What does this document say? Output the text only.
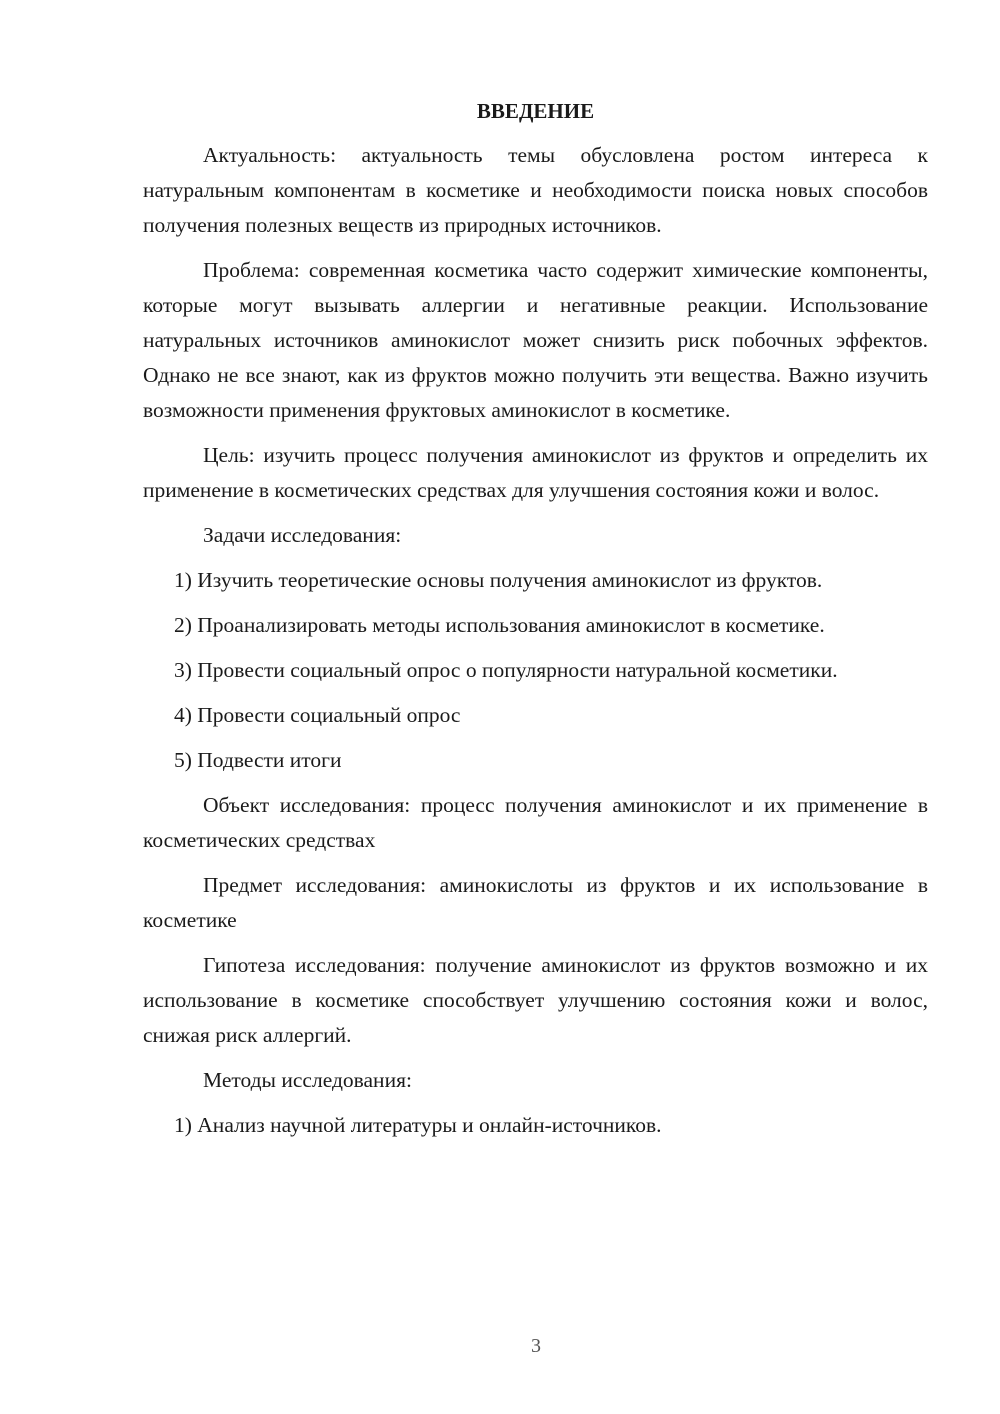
ВВЕДЕНИЕ

Актуальность: актуальность темы обусловлена ростом интереса к натуральным компонентам в косметике и необходимости поиска новых способов получения полезных веществ из природных источников.

Проблема: современная косметика часто содержит химические компоненты, которые могут вызывать аллергии и негативные реакции. Использование натуральных источников аминокислот может снизить риск побочных эффектов. Однако не все знают, как из фруктов можно получить эти вещества. Важно изучить возможности применения фруктовых аминокислот в косметике.

Цель: изучить процесс получения аминокислот из фруктов и определить их применение в косметических средствах для улучшения состояния кожи и волос.

Задачи исследования:

1) Изучить теоретические основы получения аминокислот из фруктов.

2) Проанализировать методы использования аминокислот в косметике.

3) Провести социальный опрос о популярности натуральной косметики.

4) Провести социальный опрос

5) Подвести итоги

Объект исследования: процесс получения аминокислот и их применение в косметических средствах

Предмет исследования: аминокислоты из фруктов и их использование в косметике

Гипотеза исследования: получение аминокислот из фруктов возможно и их использование в косметике способствует улучшению состояния кожи и волос, снижая риск аллергий.

Методы исследования:

1) Анализ научной литературы и онлайн-источников.

3
